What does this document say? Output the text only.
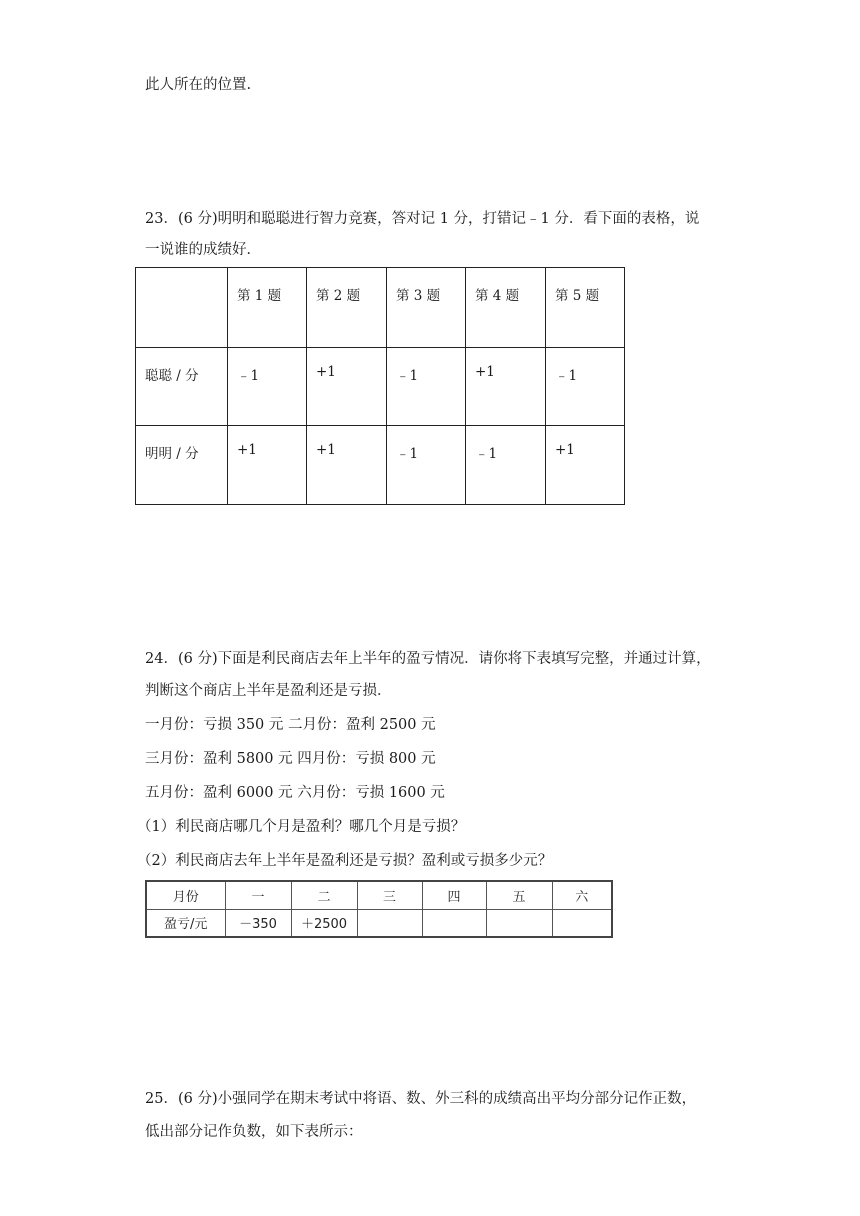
此人所在的位置.
23．(6 分)明明和聪聪进行智力竞赛，答对记 1 分，打错记﹣1 分．看下面的表格，说
一说谁的成绩好．
	第 1 题	第 2 题	第 3 题	第 4 题	第 5 题
聪聪 / 分	﹣1	+1	﹣1	+1	﹣1
明明 / 分	+1	+1	﹣1	﹣1	+1
24．(6 分)下面是利民商店去年上半年的盈亏情况．请你将下表填写完整，并通过计算，
判断这个商店上半年是盈利还是亏损．
一月份：亏损 350 元 二月份：盈利 2500 元
三月份：盈利 5800 元 四月份：亏损 800 元
五月份：盈利 6000 元 六月份：亏损 1600 元
（1）利民商店哪几个月是盈利？哪几个月是亏损？
（2）利民商店去年上半年是盈利还是亏损？盈利或亏损多少元？
月份	一	二	三	四	五	六
盈亏/元	－350	＋2500				
25．(6 分)小强同学在期末考试中将语、数、外三科的成绩高出平均分部分记作正数，
低出部分记作负数，如下表所示：
